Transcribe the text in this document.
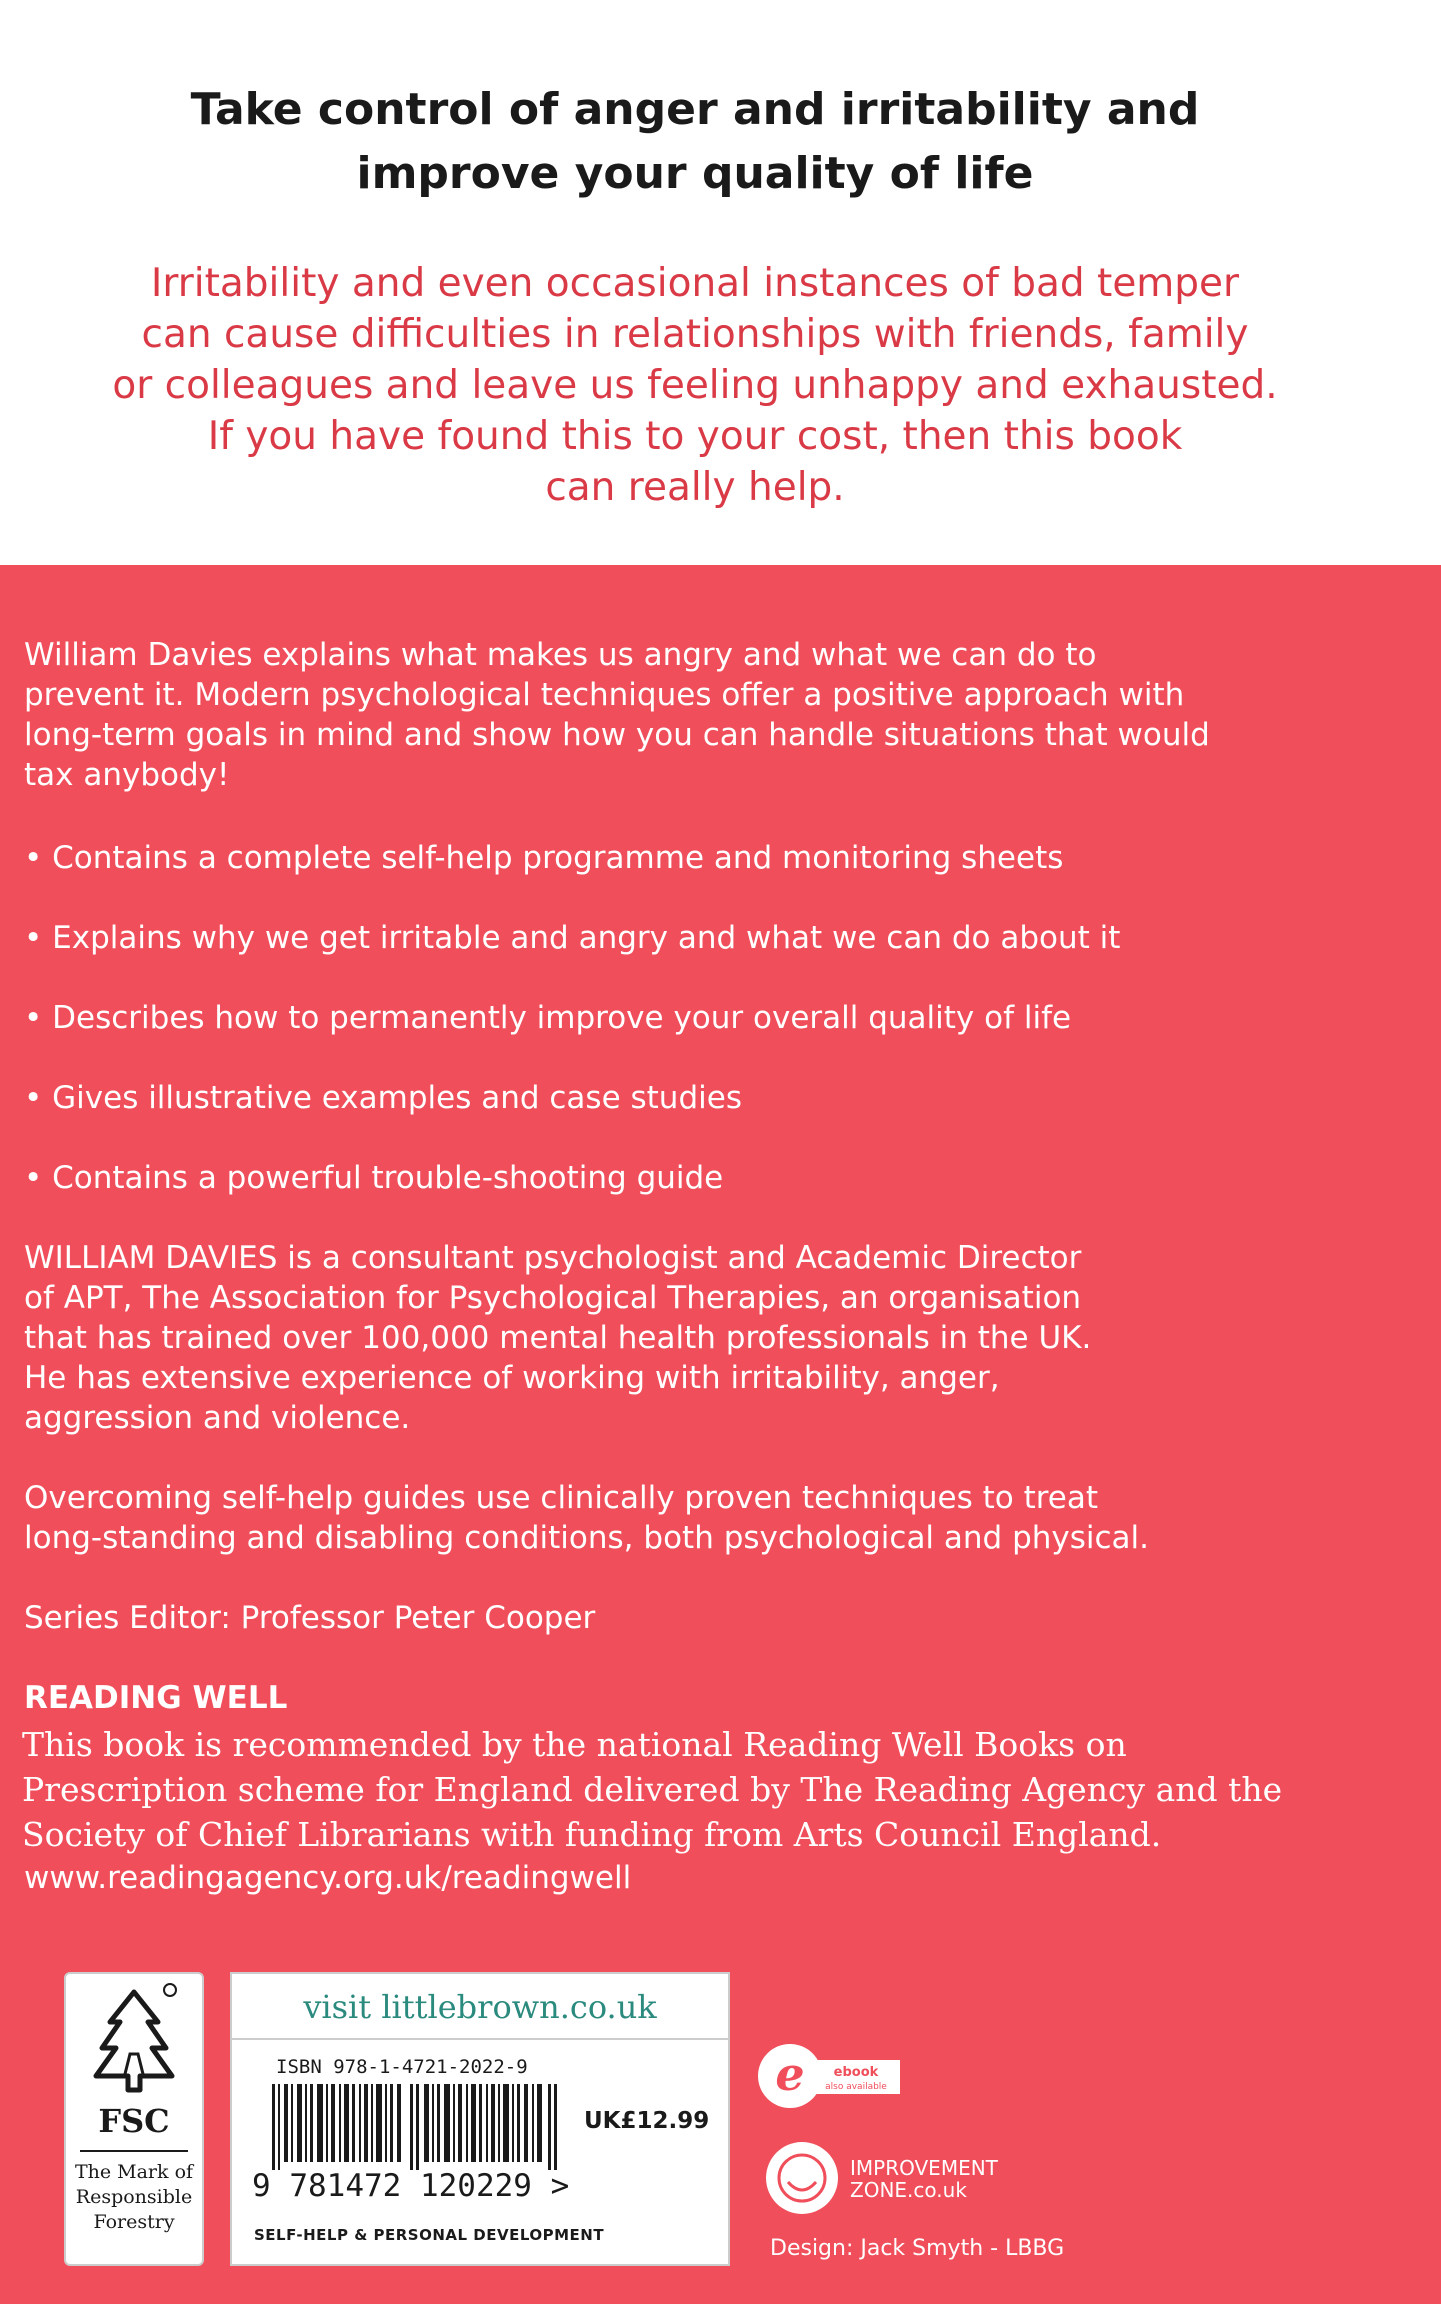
Take control of anger and irritability and
improve your quality of life
Irritability and even occasional instances of bad temper
can cause difficulties in relationships with friends, family
or colleagues and leave us feeling unhappy and exhausted.
If you have found this to your cost, then this book
can really help.
William Davies explains what makes us angry and what we can do to
prevent it. Modern psychological techniques offer a positive approach with
long-term goals in mind and show how you can handle situations that would
tax anybody!
• Contains a complete self-help programme and monitoring sheets
• Explains why we get irritable and angry and what we can do about it
• Describes how to permanently improve your overall quality of life
• Gives illustrative examples and case studies
• Contains a powerful trouble-shooting guide
WILLIAM DAVIES is a consultant psychologist and Academic Director
of APT, The Association for Psychological Therapies, an organisation
that has trained over 100,000 mental health professionals in the UK.
He has extensive experience of working with irritability, anger,
aggression and violence.
Overcoming self-help guides use clinically proven techniques to treat
long-standing and disabling conditions, both psychological and physical.
Series Editor: Professor Peter Cooper
READING WELL
This book is recommended by the national Reading Well Books on
Prescription scheme for England delivered by The Reading Agency and the
Society of Chief Librarians with funding from Arts Council England.
www.readingagency.org.uk/readingwell
FSC
The Mark of
Responsible
Forestry
visit littlebrown.co.uk
ISBN 978-1-4721-2022-9
UK£12.99
9 781472 120229 >
SELF-HELP & PERSONAL DEVELOPMENT
e ebook
also available
IMPROVEMENT
ZONE.co.uk
Design: Jack Smyth - LBBG
